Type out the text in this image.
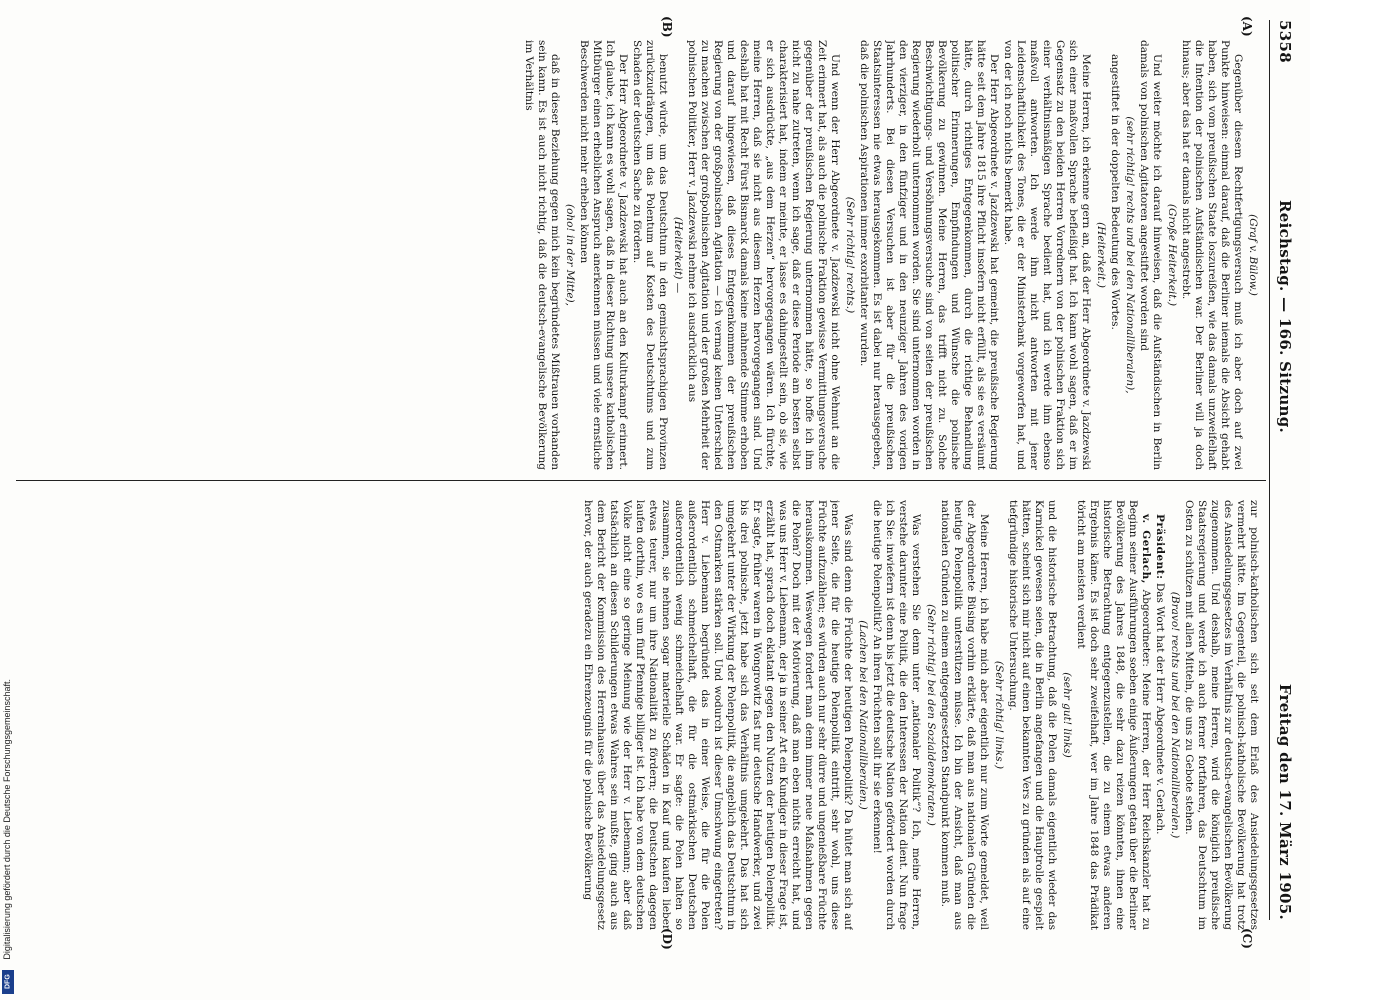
5358
Reichstag. — 166. Sitzung.
Freitag den 17. März 1905.
(A)
(B)
(C)
(D)

(Graf v. Bülow.)

Gegenüber diesem Rechtfertigungsversuch muß ich aber doch auf zwei Punkte hinweisen: einmal darauf, daß die Berliner niemals die Absicht gehabt haben, sich vom preußischen Staate loszureißen, wie das damals unzweifelhaft die Intention der polnischen Aufständischen war. Der Berliner will ja doch hinaus; aber das hat er damals nicht angestrebt.

(Große Heiterkeit.)

Und weiter möchte ich darauf hinweisen, daß die Aufständischen in Berlin damals von polnischen Agitatoren angestiftet worden sind

(sehr richtig! rechts und bei den Nationalliberalen),

angestiftet in der doppelten Bedeutung des Wortes.

(Heiterkeit.)

Meine Herren, ich erkenne gern an, daß der Herr Abgeordnete v. Jazdzewski sich einer maßvollen Sprache befleißigt hat. Ich kann wohl sagen, daß er im Gegensatz zu den beiden Herren Vorrednern von der polnischen Fraktion sich einer verhältnismäßigen Sprache bedient hat, und ich werde ihm ebenso maßvoll antworten. Ich werde ihm nicht antworten mit jener Leidenschaftlichkeit des Tones, die er der Ministerbank vorgeworfen hat, und von der ich noch nichts bemerkt habe.

Der Herr Abgeordnete v. Jazdzewski hat gemeint, die preußische Regierung hätte seit dem Jahre 1815 ihre Pflicht insofern nicht erfüllt, als sie es versäumt hätte, durch richtiges Entgegenkommen, durch die richtige Behandlung politischer Erinnerungen, Empfindungen und Wünsche die polnische Bevölkerung zu gewinnen. Meine Herren, das trifft nicht zu. Solche Beschwichtigungs- und Versöhnungsversuche sind von seiten der preußischen Regierung wiederholt unternommen worden. Sie sind unternommen worden in den vierziger, in den fünfziger und in den neunziger Jahren des vorigen Jahrhunderts. Bei diesen Versuchen ist aber für die preußischen Staatsinteressen nie etwas herausgekommen. Es ist dabei nur herausgegeben, daß die polnischen Aspirationen immer exorbitanter wurden.

(Sehr richtig! rechts.)

Und wenn der Herr Abgeordnete v. Jazdzewski nicht ohne Wehmut an die Zeit erinnert hat, als auch die polnische Fraktion gewisse Vermittlungsversuche gegenüber der preußischen Regierung unternommen hätte, so hoffe ich ihm nicht zu nahe zutreten, wenn ich sage, daß er diese Periode am besten selbst charakterisiert hat, indem er meinte, er lasse es dahingestellt sein, ob sie, wie er sich ausdrückte, „aus dem Herzen“ hervorgegangen wären. Ich fürchte, meine Herren, daß sie nicht aus diesem Herzen hervorgegangen sind. Und deshalb hat mit Recht Fürst Bismarck damals keine mahnende Stimme erhoben und darauf hingewiesen, daß dieses Entgegenkommen der preußischen Regierung von der großpolnischen Agitation — ich vermag keinen Unterschied zu machen zwischen der großpolnischen Agitation und der großen Mehrheit der polnischen Politiker, Herr v. Jazdzewski nehme ich ausdrücklich aus

(Heiterkeit) —

benutzt würde, um das Deutschtum in den gemischtsprachigen Provinzen zurückzudrängen, um das Polentum auf Kosten des Deutschtums und zum Schaden der deutschen Sache zu fördern.

Der Herr Abgeordnete v. Jazdzewski hat auch an den Kulturkampf erinnert. Ich glaube, ich kann es wohl sagen, daß in dieser Richtung unsere katholischen Mitbürger einen erheblichen Anspruch anerkennen müssen und viele ernstliche Beschwerden nicht mehr erheben können

(oho! in der Mitte),

daß in dieser Beziehung gegen mich kein begründetes Mißtrauen vorhanden sein kann. Es ist auch nicht richtig, daß die deutsch-evangelische Bevölkerung im Verhältnis

zur polnisch-katholischen sich seit dem Erlaß des Ansiedelungsgesetzes vermehrt hätte. Im Gegenteil, die polnisch-katholische Bevölkerung hat trotz des Ansiedelungsgesetzes im Verhältnis zur deutsch-evangelischen Bevölkerung zugenommen. Und deshalb, meine Herren, wird die königlich preußische Staatsregierung und werde ich auch ferner fortfahren, das Deutschtum im Osten zu schützen mit allen Mitteln, die uns zu Gebote stehen.

(Bravo! rechts und bei den Nationalliberalen.)

Präsident: Das Wort hat der Herr Abgeordnete v. Gerlach.

v. Gerlach, Abgeordneter: Meine Herren, der Herr Reichskanzler hat zu Beginn seiner Ausführungen soeben einige Äußerungen getan über die Berliner Bevölkerung des Jahres 1848, die sehr dazu reizen könnten, ihnen eine historische Betrachtung entgegenzustellen, die zu einem etwas anderen Ergebnis käme. Es ist doch sehr zweifelhaft, wer im Jahre 1848 das Prädikat töricht am meisten verdient

(sehr gut! links)

und die historische Betrachtung, daß die Polen damals eigentlich wieder das Karnickel gewesen seien, die in Berlin angefangen und die Hauptrolle gespielt hätten, scheint sich mir nicht auf einen bekannten Vers zu gründen als auf eine tiefgründige historische Untersuchung.

(Sehr richtig! links.)

Meine Herren, ich habe mich aber eigentlich nur zum Worte gemeldet, weil der Abgeordnete Büsing vorhin erklärte, daß man aus nationalen Gründen die heutige Polenpolitik unterstützen müsse. Ich bin der Ansicht, daß man aus nationalen Gründen zu einem entgegengesetzten Standpunkt kommen muß.

(Sehr richtig! bei den Sozialdemokraten.)

Was verstehen Sie denn unter „nationaler Politik“? Ich, meine Herren, verstehe darunter eine Politik, die den Interessen der Nation dient. Nun frage ich Sie: inwiefern ist denn bis jetzt die deutsche Nation gefördert worden durch die heutige Polenpolitik? An ihren Früchten sollt ihr sie erkennen!

(Lachen bei den Nationalliberalen.)

Was sind denn die Früchte der heutigen Polenpolitik? Da hütet man sich auf jener Seite, die für die heutige Polenpolitik eintritt, sehr wohl, uns diese Früchte aufzuzählen; es würden auch nur sehr dürre und ungenießbare Früchte herauskommen. Weswegen fordert man denn immer neue Maßnahmen gegen die Polen? Doch mit der Motivierung, daß man eben nichts erreicht hat, und was uns Herr v. Liebemann, der ja in seiner Art ein Kundiger in dieser Frage ist, erzählt hat, sprach doch eklatant gegen den Nutzen der heutigen Polenpolitik. Er sagte, früher waren in Wongrowitz fast nur deutsche Handwerker, und zwei bis drei polnische, jetzt habe sich das Verhältnis umgekehrt. Das hat sich umgekehrt unter der Wirkung der Polenpolitik, die angeblich das Deutschtum in den Ostmarken stärken soll. Und wodurch ist dieser Umschwung eingetreten? Herr v. Liebemann begründet das in einer Weise, die für die Polen außerordentlich schmeichelhaft, die für die ostmärkischen Deutschen außerordentlich wenig schmeichelhaft war. Er sagte: die Polen halten so zusammen, sie nehmen sogar materielle Schäden in Kauf und kaufen lieber etwas teurer, nur um ihre Nationalität zu fördern; die Deutschen dagegen laufen dorthin, wo es um fünf Pfennige billiger ist. Ich habe von dem deutschen Volke nicht eine so geringe Meinung wie der Herr v. Liebemann; aber daß tatsächlich an diesen Schilderungen etwas Wahres sein mußte, ging auch aus dem Bericht der Kommission des Herrenhauses über das Ansiedelungsgesetz hervor, der auch geradezu ein Ehrenzeugnis für die polnische Bevölkerung

Digitalisierung gefördert durch die Deutsche Forschungsgemeinschaft.
DFG
